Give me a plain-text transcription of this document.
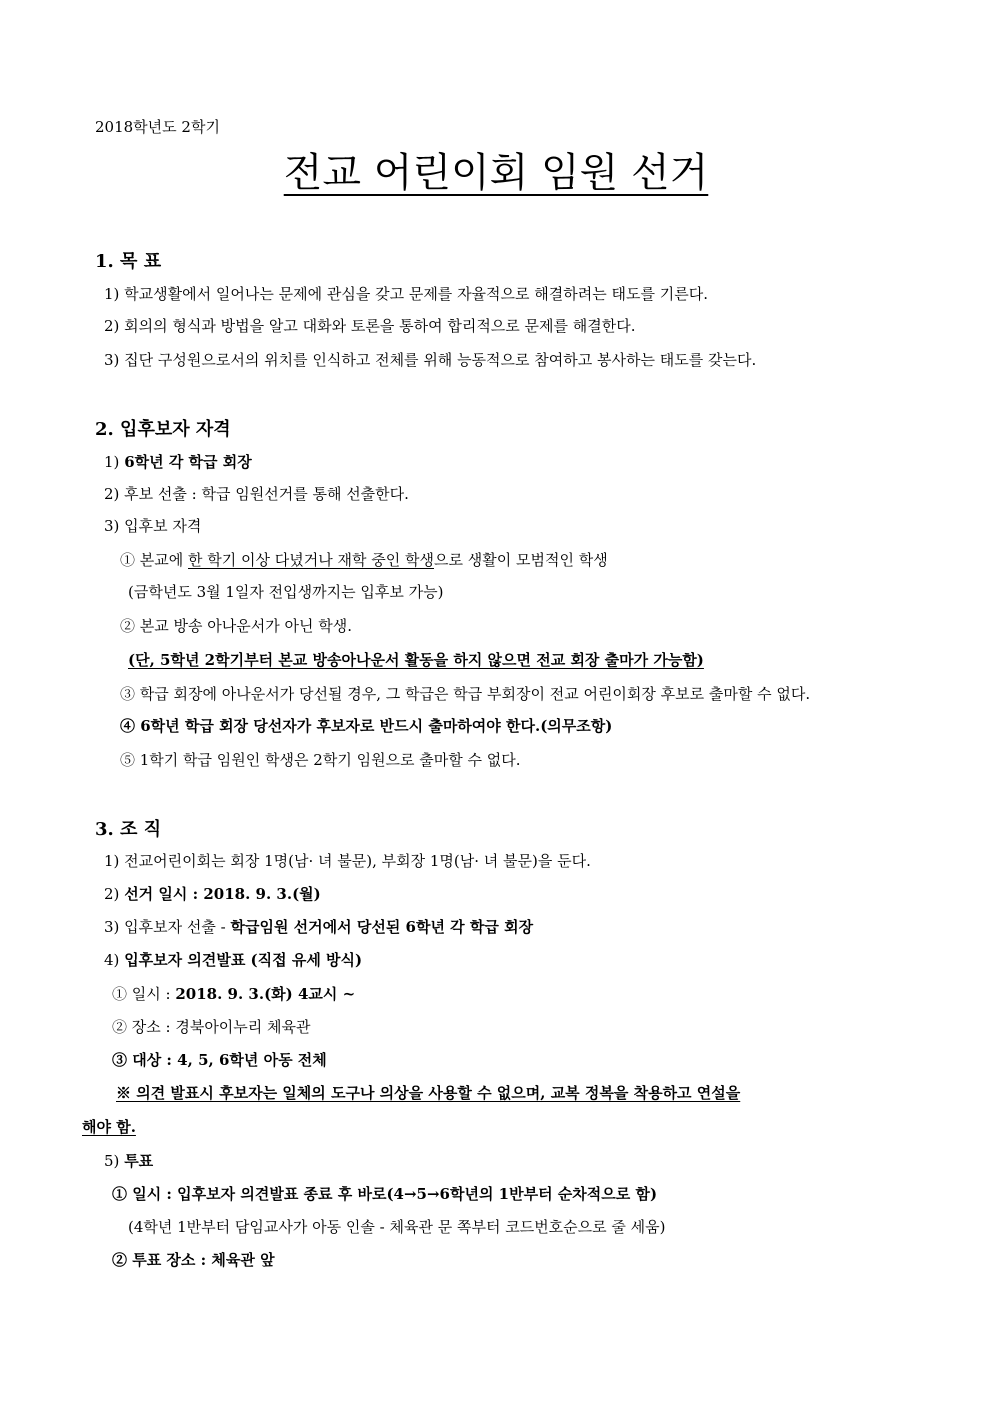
2018학년도 2학기
전교 어린이회 임원 선거
1. 목 표
1) 학교생활에서 일어나는 문제에 관심을 갖고 문제를 자율적으로 해결하려는 태도를 기른다.
2) 회의의 형식과 방법을 알고 대화와 토론을 통하여 합리적으로 문제를 해결한다.
3) 집단 구성원으로서의 위치를 인식하고 전체를 위해 능동적으로 참여하고 봉사하는 태도를 갖는다.
2. 입후보자 자격
1) 6학년 각 학급 회장
2) 후보 선출 : 학급 임원선거를 통해 선출한다.
3) 입후보 자격
① 본교에 한 학기 이상 다녔거나 재학 중인 학생으로 생활이 모범적인 학생
(금학년도 3월 1일자 전입생까지는 입후보 가능)
② 본교 방송 아나운서가 아닌 학생.
(단, 5학년 2학기부터 본교 방송아나운서 활동을 하지 않으면 전교 회장 출마가 가능함)
③ 학급 회장에 아나운서가 당선될 경우, 그 학급은 학급 부회장이 전교 어린이회장 후보로 출마할 수 없다.
④ 6학년 학급 회장 당선자가 후보자로 반드시 출마하여야 한다.(의무조항)
⑤ 1학기 학급 임원인 학생은 2학기 임원으로 출마할 수 없다.
3. 조 직
1) 전교어린이회는 회장 1명(남· 녀 불문), 부회장 1명(남· 녀 불문)을 둔다.
2) 선거 일시 : 2018. 9. 3.(월)
3) 입후보자 선출 - 학급임원 선거에서 당선된 6학년 각 학급 회장
4) 입후보자 의견발표 (직접 유세 방식)
① 일시 : 2018. 9. 3.(화) 4교시 ~
② 장소 : 경북아이누리 체육관
③ 대상 : 4, 5, 6학년 아동 전체
※ 의견 발표시 후보자는 일체의 도구나 의상을 사용할 수 없으며, 교복 정복을 착용하고 연설을
해야 함.
5) 투표
① 일시 : 입후보자 의견발표 종료 후 바로(4→5→6학년의 1반부터 순차적으로 함)
(4학년 1반부터 담임교사가 아동 인솔 - 체육관 문 쪽부터 코드번호순으로 줄 세움)
② 투표 장소 : 체육관 앞
